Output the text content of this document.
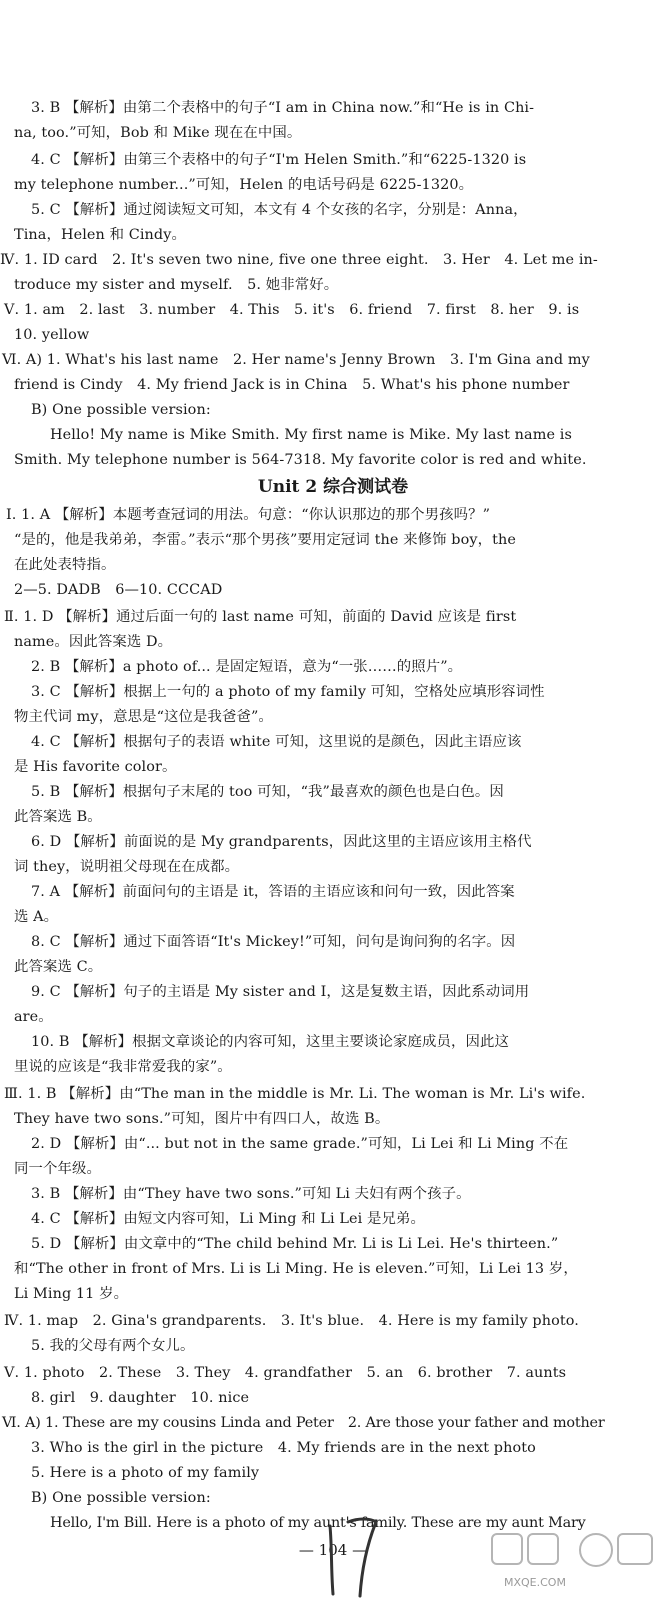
3. B 【解析】由第二个表格中的句子“I am in China now.”和“He is in Chi-
na, too.”可知，Bob 和 Mike 现在在中国。
4. C 【解析】由第三个表格中的句子“I'm Helen Smith.”和“6225-1320 is
my telephone number...”可知，Helen 的电话号码是 6225-1320。
5. C 【解析】通过阅读短文可知，本文有 4 个女孩的名字，分别是：Anna，
Tina，Helen 和 Cindy。
Ⅳ. 1. ID card　2. It's seven two nine, five one three eight.　3. Her　4. Let me in-
troduce my sister and myself.　5. 她非常好。
Ⅴ. 1. am　2. last　3. number　4. This　5. it's　6. friend　7. first　8. her　9. is
10. yellow
Ⅵ. A) 1. What's his last name　2. Her name's Jenny Brown　3. I'm Gina and my
friend is Cindy　4. My friend Jack is in China　5. What's his phone number
B) One possible version:
Hello! My name is Mike Smith. My first name is Mike. My last name is
Smith. My telephone number is 564-7318. My favorite color is red and white.
Unit 2 综合测试卷
Ⅰ. 1. A 【解析】本题考查冠词的用法。句意：“你认识那边的那个男孩吗？”
“是的，他是我弟弟，李雷。”表示“那个男孩”要用定冠词 the 来修饰 boy，the
在此处表特指。
2—5. DADB　6—10. CCCAD
Ⅱ. 1. D 【解析】通过后面一句的 last name 可知，前面的 David 应该是 first
name。因此答案选 D。
2. B 【解析】a photo of... 是固定短语，意为“一张……的照片”。
3. C 【解析】根据上一句的 a photo of my family 可知，空格处应填形容词性
物主代词 my，意思是“这位是我爸爸”。
4. C 【解析】根据句子的表语 white 可知，这里说的是颜色，因此主语应该
是 His favorite color。
5. B 【解析】根据句子末尾的 too 可知，“我”最喜欢的颜色也是白色。因
此答案选 B。
6. D 【解析】前面说的是 My grandparents，因此这里的主语应该用主格代
词 they，说明祖父母现在在成都。
7. A 【解析】前面问句的主语是 it，答语的主语应该和问句一致，因此答案
选 A。
8. C 【解析】通过下面答语“It's Mickey!”可知，问句是询问狗的名字。因
此答案选 C。
9. C 【解析】句子的主语是 My sister and I，这是复数主语，因此系动词用
are。
10. B 【解析】根据文章谈论的内容可知，这里主要谈论家庭成员，因此这
里说的应该是“我非常爱我的家”。
Ⅲ. 1. B 【解析】由“The man in the middle is Mr. Li. The woman is Mr. Li's wife.
They have two sons.”可知，图片中有四口人，故选 B。
2. D 【解析】由“... but not in the same grade.”可知，Li Lei 和 Li Ming 不在
同一个年级。
3. B 【解析】由“They have two sons.”可知 Li 夫妇有两个孩子。
4. C 【解析】由短文内容可知，Li Ming 和 Li Lei 是兄弟。
5. D 【解析】由文章中的“The child behind Mr. Li is Li Lei. He's thirteen.”
和“The other in front of Mrs. Li is Li Ming. He is eleven.”可知，Li Lei 13 岁，
Li Ming 11 岁。
Ⅳ. 1. map　2. Gina's grandparents.　3. It's blue.　4. Here is my family photo.
5. 我的父母有两个女儿。
Ⅴ. 1. photo　2. These　3. They　4. grandfather　5. an　6. brother　7. aunts
8. girl　9. daughter　10. nice
Ⅵ. A) 1. These are my cousins Linda and Peter　2. Are those your father and mother
3. Who is the girl in the picture　4. My friends are in the next photo
5. Here is a photo of my family
B) One possible version:
Hello, I'm Bill. Here is a photo of my aunt's family. These are my aunt Mary
— 104 —
MXQE.COM
